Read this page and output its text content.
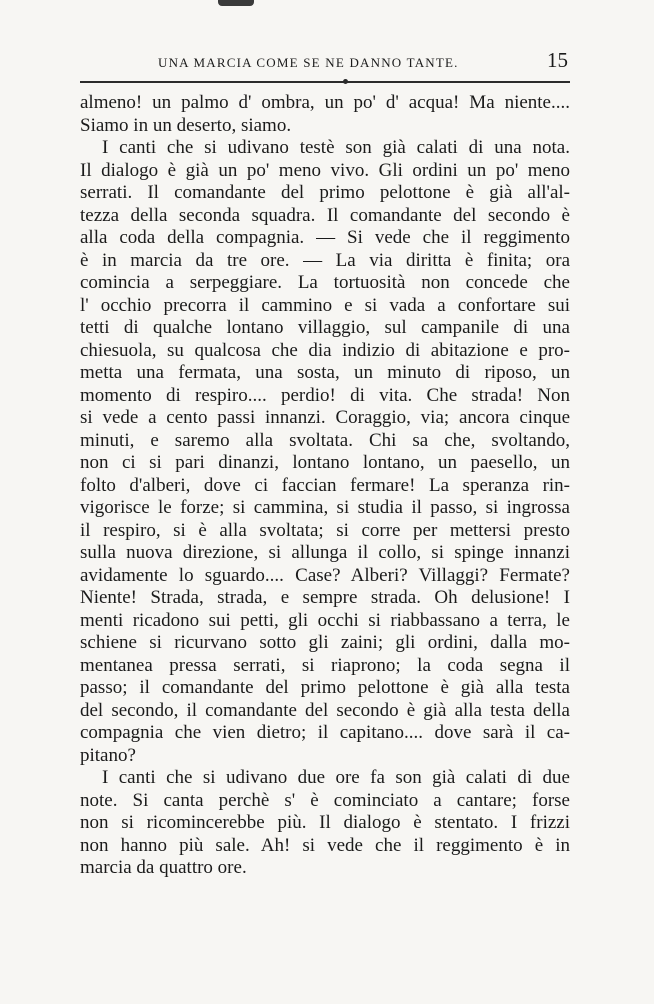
UNA MARCIA COME SE NE DANNO TANTE.	15
almeno! un palmo d' ombra, un po' d' acqua! Ma niente....
Siamo in un deserto, siamo.
I canti che si udivano testè son già calati di una nota.
Il dialogo è già un po' meno vivo. Gli ordini un po' meno
serrati. Il comandante del primo pelottone è già all'al-
tezza della seconda squadra. Il comandante del secondo è
alla coda della compagnia. — Si vede che il reggimento
è in marcia da tre ore. — La via diritta è finita; ora
comincia a serpeggiare. La tortuosità non concede che
l' occhio precorra il cammino e si vada a confortare sui
tetti di qualche lontano villaggio, sul campanile di una
chiesuola, su qualcosa che dia indizio di abitazione e pro-
metta una fermata, una sosta, un minuto di riposo, un
momento di respiro.... perdio! di vita. Che strada! Non
si vede a cento passi innanzi. Coraggio, via; ancora cinque
minuti, e saremo alla svoltata. Chi sa che, svoltando,
non ci si pari dinanzi, lontano lontano, un paesello, un
folto d'alberi, dove ci faccian fermare! La speranza rin-
vigorisce le forze; si cammina, si studia il passo, si ingrossa
il respiro, si è alla svoltata; si corre per mettersi presto
sulla nuova direzione, si allunga il collo, si spinge innanzi
avidamente lo sguardo.... Case? Alberi? Villaggi? Fermate?
Niente! Strada, strada, e sempre strada. Oh delusione! I
menti ricadono sui petti, gli occhi si riabbassano a terra, le
schiene si ricurvano sotto gli zaini; gli ordini, dalla mo-
mentanea pressa serrati, si riaprono; la coda segna il
passo; il comandante del primo pelottone è già alla testa
del secondo, il comandante del secondo è già alla testa della
compagnia che vien dietro; il capitano.... dove sarà il ca-
pitano?
I canti che si udivano due ore fa son già calati di due
note. Si canta perchè s' è cominciato a cantare; forse
non si ricomincerebbe più. Il dialogo è stentato. I frizzi
non hanno più sale. Ah! si vede che il reggimento è in
marcia da quattro ore.
